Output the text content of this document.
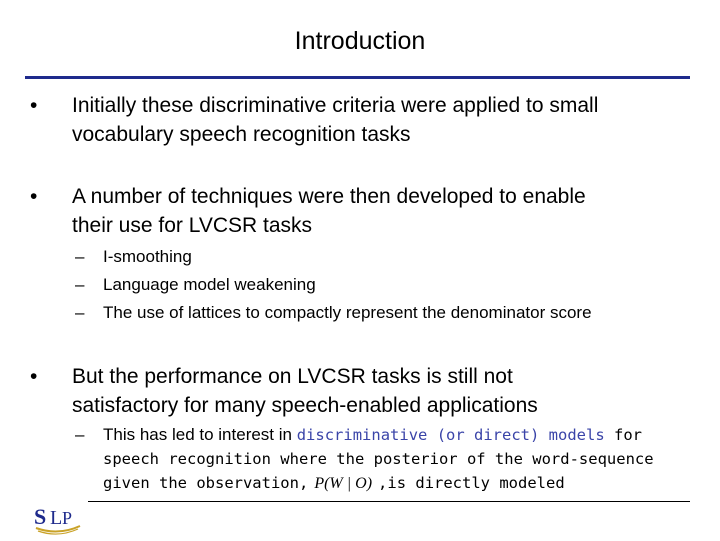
Introduction
• Initially these discriminative criteria were applied to small
vocabulary speech recognition tasks
• A number of techniques were then developed to enable
their use for LVCSR tasks
– I-smoothing
– Language model weakening
– The use of lattices to compactly represent the denominator score
• But the performance on LVCSR tasks is still not
satisfactory for many speech-enabled applications
– This has led to interest in discriminative (or direct) models for
speech recognition where the posterior of the word-sequence
given the observation, P(W | O) ,is directly modeled
S L P
